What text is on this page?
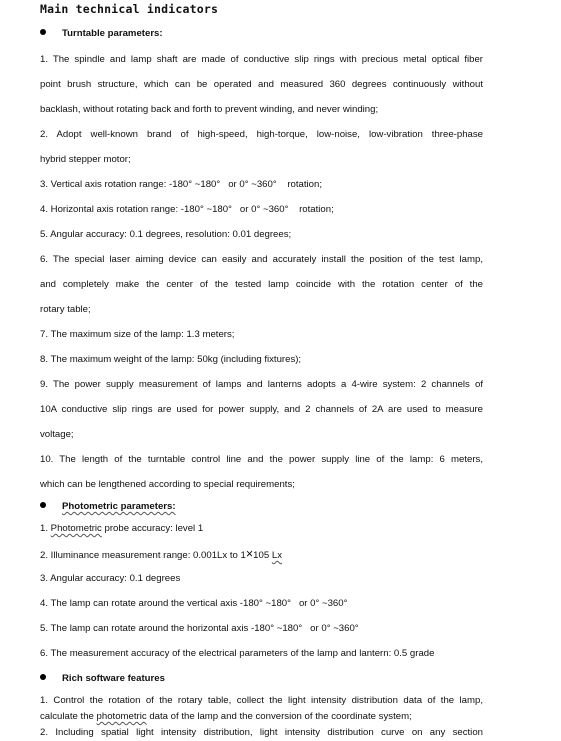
Main technical indicators
Turntable parameters:
1. The spindle and lamp shaft are made of conductive slip rings with precious metal optical fiber
point brush structure, which can be operated and measured 360 degrees continuously without
backlash, without rotating back and forth to prevent winding, and never winding;
2. Adopt well-known brand of high-speed, high-torque, low-noise, low-vibration three-phase
hybrid stepper motor;
3. Vertical axis rotation range: -180° ~180°   or 0° ~360°    rotation;
4. Horizontal axis rotation range: -180° ~180°   or 0° ~360°    rotation;
5. Angular accuracy: 0.1 degrees, resolution: 0.01 degrees;
6. The special laser aiming device can easily and accurately install the position of the test lamp,
and completely make the center of the tested lamp coincide with the rotation center of the
rotary table;
7. The maximum size of the lamp: 1.3 meters;
8. The maximum weight of the lamp: 50kg (including fixtures);
9. The power supply measurement of lamps and lanterns adopts a 4-wire system: 2 channels of
10A conductive slip rings are used for power supply, and 2 channels of 2A are used to measure
voltage;
10. The length of the turntable control line and the power supply line of the lamp: 6 meters,
which can be lengthened according to special requirements;
Photometric parameters:
1. Photometric probe accuracy: level 1
2. Illuminance measurement range: 0.001Lx to 1×105 Lx
3. Angular accuracy: 0.1 degrees
4. The lamp can rotate around the vertical axis -180° ~180°   or 0° ~360°
5. The lamp can rotate around the horizontal axis -180° ~180°   or 0° ~360°
6. The measurement accuracy of the electrical parameters of the lamp and lantern: 0.5 grade
Rich software features
1. Control the rotation of the rotary table, collect the light intensity distribution data of the lamp,
calculate the photometric data of the lamp and the conversion of the coordinate system;
2. Including spatial light intensity distribution, light intensity distribution curve on any section
